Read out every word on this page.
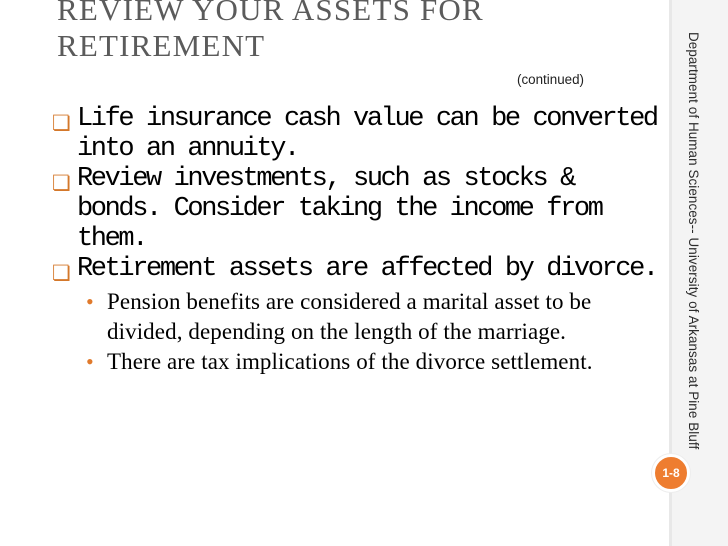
Department of Human Sciences-- University of Arkansas at Pine Bluff
REVIEW YOUR ASSETS FOR RETIREMENT
(continued)
❏ Life insurance cash value can be converted into an annuity.
❏ Review investments, such as stocks & bonds. Consider taking the income from them.
❏ Retirement assets are affected by divorce.
• Pension benefits are considered a marital asset to be divided, depending on the length of the marriage.
• There are tax implications of the divorce settlement.
1-8
